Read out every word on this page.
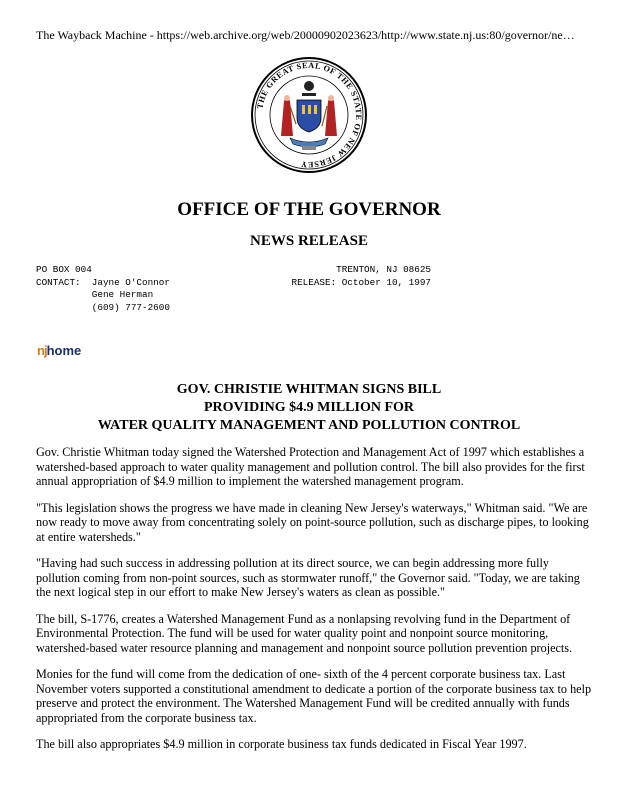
The Wayback Machine - https://web.archive.org/web/20000902023623/http://www.state.nj.us:80/governor/ne…
THE GREAT SEAL OF THE STATE OF NEW JERSEY
OFFICE OF THE GOVERNOR
NEWS RELEASE
PO BOX 004
CONTACT:  Jayne O'Connor
Gene Herman
(609) 777-2600
TRENTON, NJ 08625
RELEASE: October 10, 1997
njhome
GOV. CHRISTIE WHITMAN SIGNS BILL
PROVIDING $4.9 MILLION FOR
WATER QUALITY MANAGEMENT AND POLLUTION CONTROL

Gov. Christie Whitman today signed the Watershed Protection and Management Act of 1997 which establishes a watershed-based approach to water quality management and pollution control. The bill also provides for the first annual appropriation of $4.9 million to implement the watershed management program.

"This legislation shows the progress we have made in cleaning New Jersey's waterways," Whitman said. "We are now ready to move away from concentrating solely on point-source pollution, such as discharge pipes, to looking at entire watersheds."

"Having had such success in addressing pollution at its direct source, we can begin addressing more fully pollution coming from non-point sources, such as stormwater runoff," the Governor said. "Today, we are taking the next logical step in our effort to make New Jersey's waters as clean as possible."

The bill, S-1776, creates a Watershed Management Fund as a nonlapsing revolving fund in the Department of Environmental Protection. The fund will be used for water quality point and nonpoint source monitoring, watershed-based water resource planning and management and nonpoint source pollution prevention projects.

Monies for the fund will come from the dedication of one- sixth of the 4 percent corporate business tax. Last November voters supported a constitutional amendment to dedicate a portion of the corporate business tax to help preserve and protect the environment. The Watershed Management Fund will be credited annually with funds appropriated from the corporate business tax.

The bill also appropriates $4.9 million in corporate business tax funds dedicated in Fiscal Year 1997.
